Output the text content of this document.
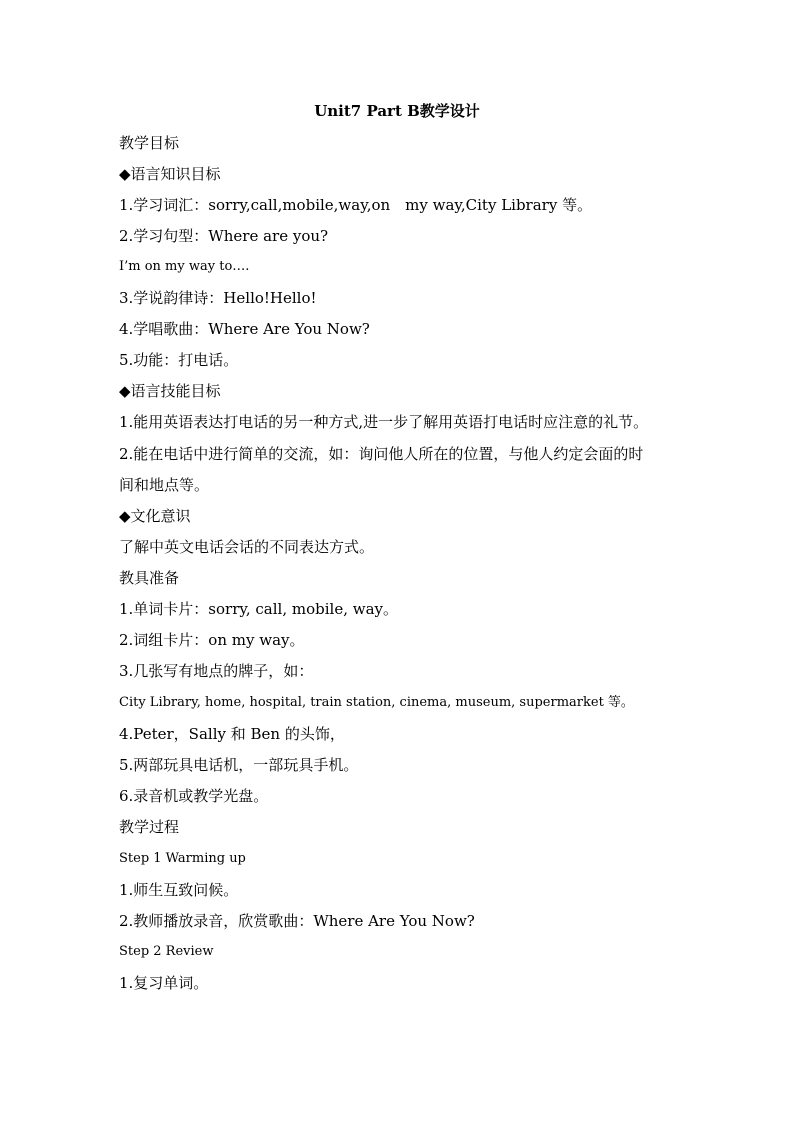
Unit7 Part B教学设计
教学目标
◆语言知识目标
1.学习词汇：sorry,call,mobile,way,on　my way,City Library 等。
2.学习句型：Where are you?
I’m on my way to….
3.学说韵律诗：Hello!Hello!
4.学唱歌曲：Where Are You Now?
5.功能：打电话。
◆语言技能目标
1.能用英语表达打电话的另一种方式,进一步了解用英语打电话时应注意的礼节。
2.能在电话中进行简单的交流，如：询问他人所在的位置，与他人约定会面的时
间和地点等。
◆文化意识
了解中英文电话会话的不同表达方式。
教具准备
1.单词卡片：sorry, call, mobile, way。
2.词组卡片：on my way。
3.几张写有地点的牌子，如：
City Library, home, hospital, train station, cinema, museum, supermarket 等。
4.Peter，Sally 和 Ben 的头饰，
5.两部玩具电话机，一部玩具手机。
6.录音机或教学光盘。
教学过程
Step 1 Warming up
1.师生互致问候。
2.教师播放录音，欣赏歌曲：Where Are You Now?
Step 2 Review
1.复习单词。
